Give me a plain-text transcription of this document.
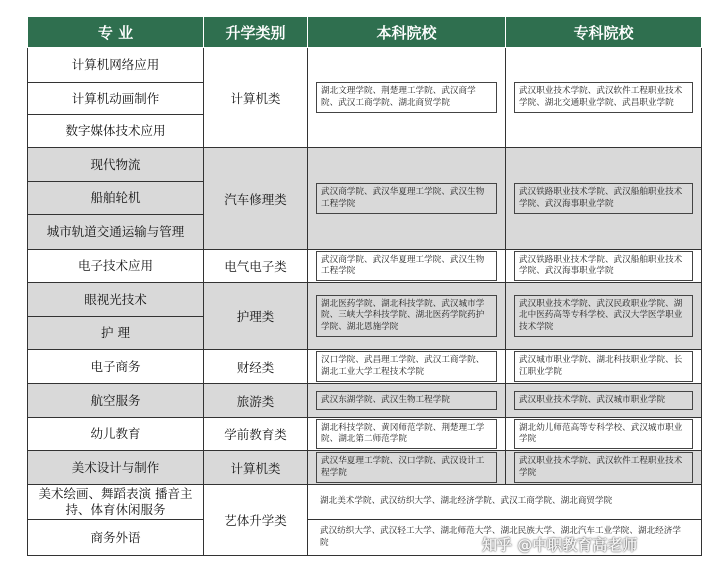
专 业	升学类别	本科院校	专科院校
计算机网络应用	计算机类	湖北文理学院、荆楚理工学院、武汉商学院、武汉工商学院、湖北商贸学院	武汉职业技术学院、武汉软件工程职业技术学院、湖北交通职业学院、武昌职业学院

计算机动画制作			
数字媒体技术应用			
现代物流	汽车修理类	武汉商学院、武汉华夏理工学院、武汉生物工程学院	武汉铁路职业技术学院、武汉船舶职业技术学院、武汉海事职业学院

船舶轮机			
城市轨道交通运输与管理			
电子技术应用	电气电子类	武汉商学院、武汉华夏理工学院、武汉生物工程学院	武汉铁路职业技术学院、武汉船舶职业技术学院、武汉海事职业学院

眼视光技术	护理类	湖北医药学院、湖北科技学院、武汉城市学院、三峡大学科技学院、湖北医药学院药护学院、湖北恩施学院	武汉职业技术学院、武汉民政职业学院、湖北中医药高等专科学校、武汉大学医学职业技术学院

护 理			
电子商务	财经类	汉口学院、武昌理工学院、武汉工商学院、湖北工业大学工程技术学院	武汉城市职业学院、湖北科技职业学院、长江职业学院

航空服务	旅游类	武汉东湖学院、武汉生物工程学院	武汉职业技术学院、武汉城市职业学院

幼儿教育	学前教育类	湖北科技学院、黄冈师范学院、荆楚理工学院、湖北第二师范学院	湖北幼儿师范高等专科学校、武汉城市职业学院

美术设计与制作	计算机类	武汉华夏理工学院、汉口学院、武汉设计工程学院	武汉职业技术学院、武汉软件工程职业技术学院

美术绘画、舞蹈表演 播音主持、体育休闲服务	艺体升学类	湖北美术学院、武汉纺织大学、湖北经济学院、武汉工商学院、湖北商贸学院	
商务外语		武汉纺织大学、武汉轻工大学、湖北师范大学、湖北民族大学、湖北汽车工业学院、湖北经济学院		知乎 @中职教育高老师
